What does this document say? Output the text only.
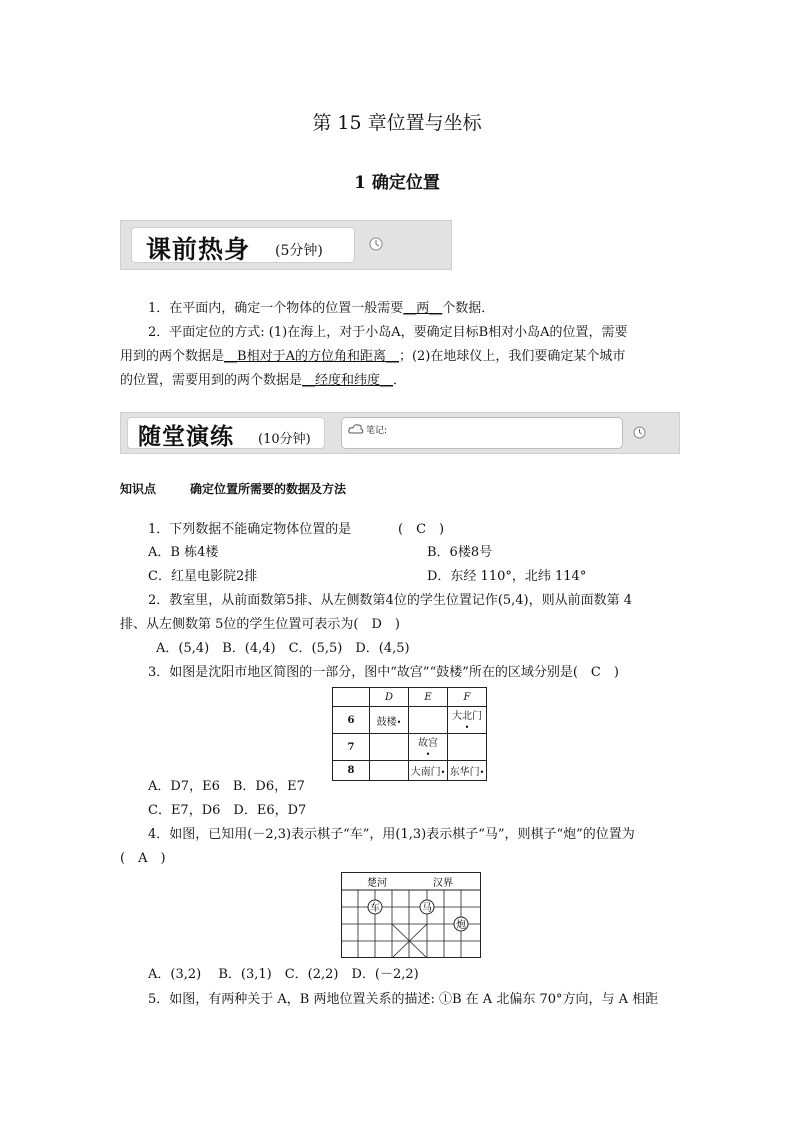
第 15 章位置与坐标
1 确定位置
课前热身 (5分钟)
1．在平面内，确定一个物体的位置一般需要__两__个数据．
2．平面定位的方式: (1)在海上，对于小岛A，要确定目标B相对小岛A的位置，需要
用到的两个数据是__B相对于A的方位角和距离__；(2)在地球仪上，我们要确定某个城市
的位置，需要用到的两个数据是__经度和纬度__．
随堂演练 (10分钟)
笔记:
知识点	确定位置所需要的数据及方法
1．下列数据不能确定物体位置的是	(　C　)
A．B 栋4楼	B．6楼8号
C．红星电影院2排	D．东经 110°，北纬 114°
2．教室里，从前面数第5排、从左侧数第4位的学生位置记作(5,4)，则从前面数第 4
排、从左侧数第 5位的学生位置可表示为(　D　)
A．(5,4)　B．(4,4)　C．(5,5)　D．(4,5)
3．如图是沈阳市地区简图的一部分，图中“故宫”“鼓楼”所在的区域分别是(　C　)
	D	E	F
6	鼓楼 •		大北门
•
7		故宫
•	
8		大南门 •	东华门 •
A．D7，E6　B．D6，E7
C．E7，D6　D．E6，D7
4．如图，已知用(－2,3)表示棋子“车”，用(1,3)表示棋子“马”，则棋子“炮”的位置为
(　A　)
楚河	汉界
车	马
炮
A．(3,2)　 B．(3,1)　C．(2,2)　D．(－2,2)
5．如图，有两种关于 A，B 两地位置关系的描述: ①B 在 A 北偏东 70°方向，与 A 相距
